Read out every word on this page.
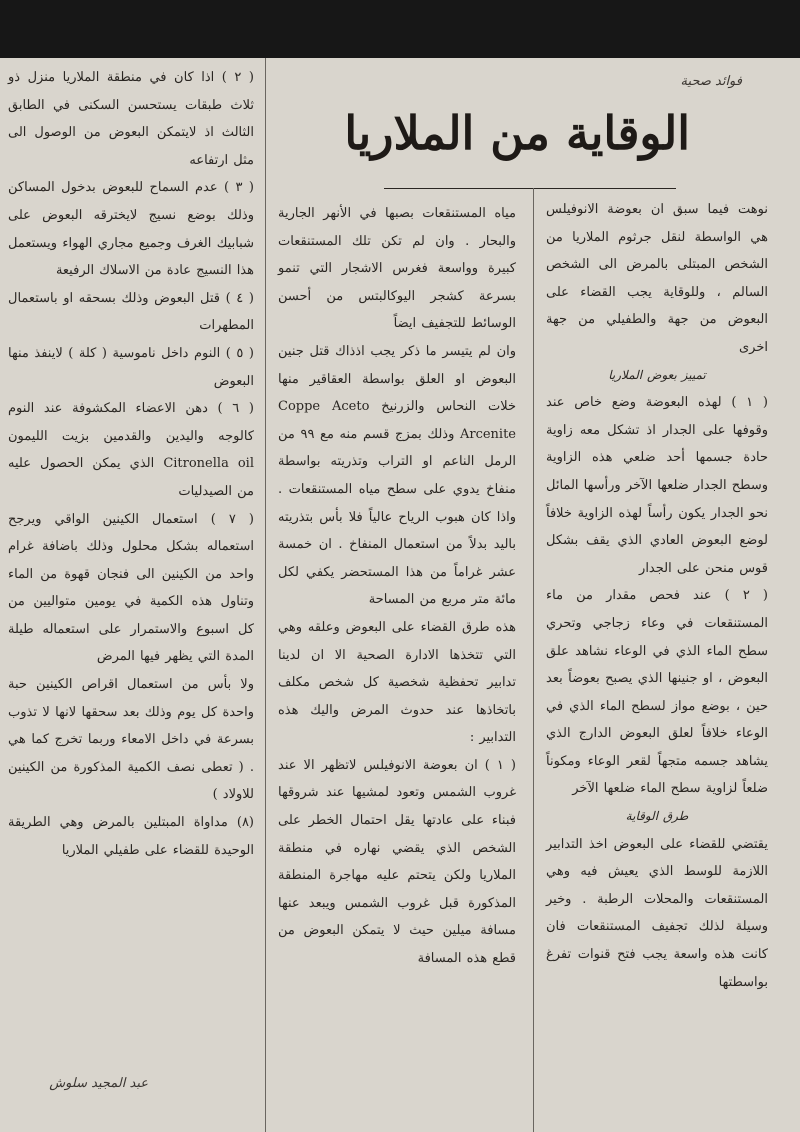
فوائد صحية
الوقاية من الملاريا

نوهت فيما سبق ان بعوضة الانوفيلس هي الواسطة لنقل جرثوم الملاريا من الشخص المبتلى بالمرض الى الشخص السالم ، وللوقاية يجب القضاء على البعوض من جهة والطفيلي من جهة اخرى

تمييز بعوض الملاريا

( ١ ) لهذه البعوضة وضع خاص عند وقوفها على الجدار اذ تشكل معه زاوية حادة جسمها أحد ضلعي هذه الزاوية وسطح الجدار ضلعها الآخر ورأسها المائل نحو الجدار يكون رأساً لهذه الزاوية خلافاً لوضع البعوض العادي الذي يقف بشكل قوس منحن على الجدار

( ٢ ) عند فحص مقدار من ماء المستنقعات في وعاء زجاجي وتحري سطح الماء الذي في الوعاء نشاهد علق البعوض ، او جنينها الذي يصبح بعوضاً بعد حين ، بوضع مواز لسطح الماء الذي في الوعاء خلافاً لعلق البعوض الدارج الذي يشاهد جسمه متجهاً لقعر الوعاء ومكوناً ضلعاً لزاوية سطح الماء ضلعها الآخر

طرق الوقاية

يقتضي للقضاء على البعوض اخذ التدابير اللازمة للوسط الذي يعيش فيه وهي المستنقعات والمحلات الرطبة . وخير وسيلة لذلك تجفيف المستنقعات فان كانت هذه واسعة يجب فتح قنوات تفرغ بواسطتها

مياه المستنقعات بصبها في الأنهر الجارية والبحار . وان لم تكن تلك المستنقعات كبيرة وواسعة فغرس الاشجار التي تنمو بسرعة كشجر اليوكالبتس من أحسن الوسائط للتجفيف ايضاً

وان لم يتيسر ما ذكر يجب اذذاك قتل جنين البعوض او العلق بواسطة العقاقير منها خلات النحاس والزرنيخ Coppe Aceto Arcenite وذلك بمزج قسم منه مع ٩٩ من الرمل الناعم او التراب وتذريته بواسطة منفاخ يدوي على سطح مياه المستنقعات . واذا كان هبوب الرياح عالياً فلا بأس بتذريته باليد بدلاً من استعمال المنفاخ . ان خمسة عشر غراماً من هذا المستحضر يكفي لكل مائة متر مربع من المساحة

هذه طرق القضاء على البعوض وعلقه وهي التي تتخذها الادارة الصحية الا ان لدينا تدابير تحفظية شخصية كل شخص مكلف باتخاذها عند حدوث المرض واليك هذه التدابير :

( ١ ) ان بعوضة الانوفيلس لاتظهر الا عند غروب الشمس وتعود لمشيها عند شروقها فبناء على عادتها يقل احتمال الخطر على الشخص الذي يقضي نهاره في منطقة الملاريا ولكن يتحتم عليه مهاجرة المنطقة المذكورة قبل غروب الشمس ويبعد عنها مسافة ميلين حيث لا يتمكن البعوض من قطع هذه المسافة

( ٢ ) اذا كان في منطقة الملاريا منزل ذو ثلاث طبقات يستحسن السكنى في الطابق الثالث اذ لايتمكن البعوض من الوصول الى مثل ارتفاعه

( ٣ ) عدم السماح للبعوض بدخول المساكن وذلك بوضع نسيج لايخترقه البعوض على شبابيك الغرف وجميع مجاري الهواء ويستعمل هذا النسيج عادة من الاسلاك الرفيعة

( ٤ ) قتل البعوض وذلك بسحقه او باستعمال المطهرات

( ٥ ) النوم داخل ناموسية ( كلة ) لاينفذ منها البعوض

( ٦ ) دهن الاعضاء المكشوفة عند النوم كالوجه واليدين والقدمين بزيت الليمون Citronella oil الذي يمكن الحصول عليه من الصيدليات

( ٧ ) استعمال الكينين الواقي ويرجح استعماله بشكل محلول وذلك باضافة غرام واحد من الكينين الى فنجان قهوة من الماء وتناول هذه الكمية في يومين متواليين من كل اسبوع والاستمرار على استعماله طيلة المدة التي يظهر فيها المرض

ولا بأس من استعمال اقراص الكينين حبة واحدة كل يوم وذلك بعد سحقها لانها لا تذوب بسرعة في داخل الامعاء وربما تخرج كما هي . ( تعطى نصف الكمية المذكورة من الكينين للاولاد )

(٨) مداواة المبتلين بالمرض وهي الطريقة الوحيدة للقضاء على طفيلي الملاريا

عبد المجيد سلوش
